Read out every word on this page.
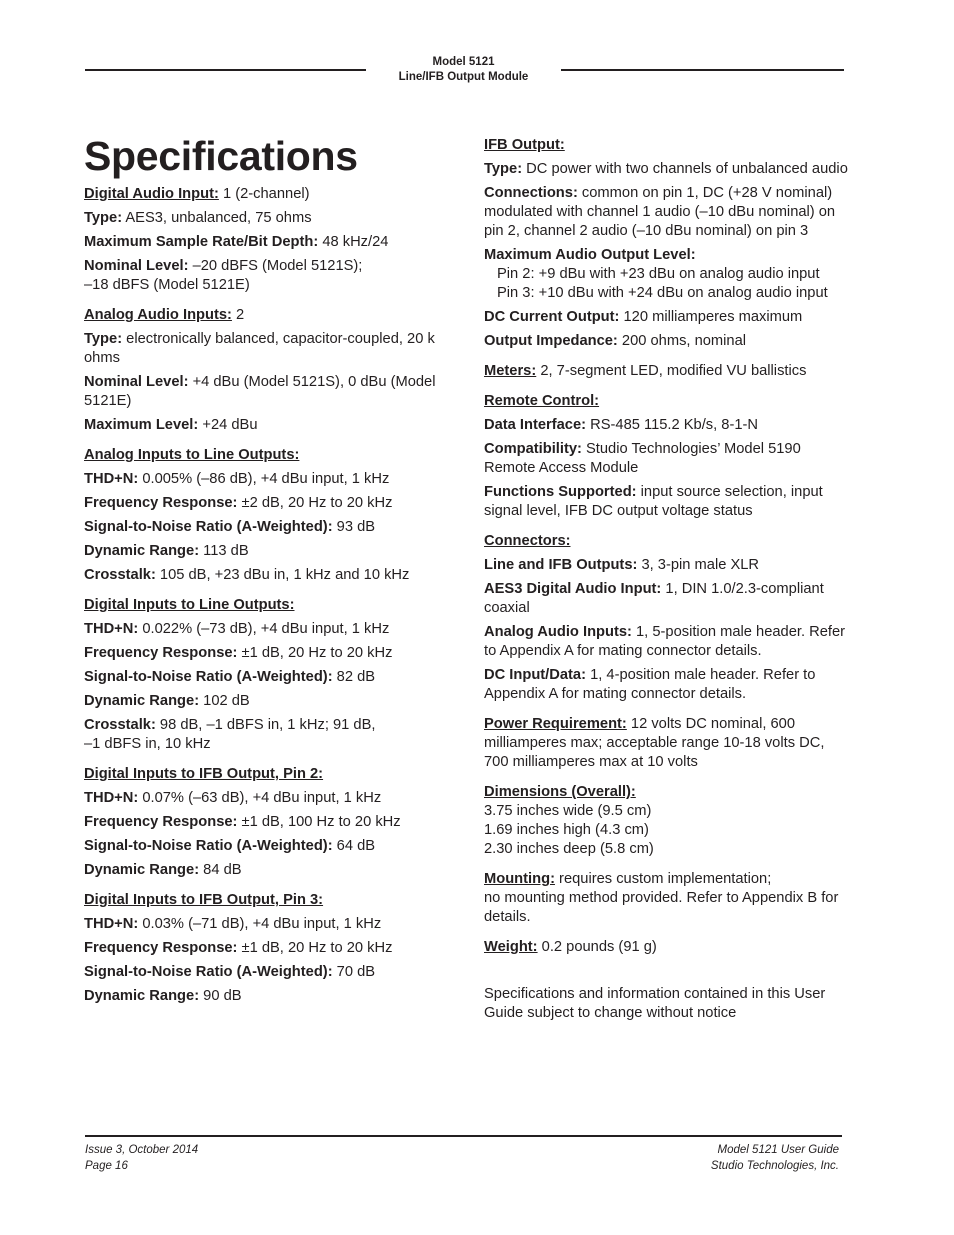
Model 5121
Line/IFB Output Module
Specifications

Digital Audio Input: 1 (2-channel)

Type: AES3, unbalanced, 75 ohms

Maximum Sample Rate/Bit Depth: 48 kHz/24

Nominal Level: –20 dBFS (Model 5121S);
–18 dBFS (Model 5121E)

Analog Audio Inputs: 2

Type: electronically balanced, capacitor-coupled, 20 k ohms

Nominal Level: +4 dBu (Model 5121S), 0 dBu (Model 5121E)

Maximum Level: +24 dBu

Analog Inputs to Line Outputs:

THD+N: 0.005% (–86 dB), +4 dBu input, 1 kHz

Frequency Response: ±2 dB, 20 Hz to 20 kHz

Signal-to-Noise Ratio (A-Weighted): 93 dB

Dynamic Range: 113 dB

Crosstalk: 105 dB, +23 dBu in, 1 kHz and 10 kHz

Digital Inputs to Line Outputs:

THD+N: 0.022% (–73 dB), +4 dBu input, 1 kHz

Frequency Response: ±1 dB, 20 Hz to 20 kHz

Signal-to-Noise Ratio (A-Weighted): 82 dB

Dynamic Range: 102 dB

Crosstalk: 98 dB, –1 dBFS in, 1 kHz; 91 dB,
–1 dBFS in, 10 kHz

Digital Inputs to IFB Output, Pin 2:

THD+N: 0.07% (–63 dB), +4 dBu input, 1 kHz

Frequency Response: ±1 dB, 100 Hz to 20 kHz

Signal-to-Noise Ratio (A-Weighted): 64 dB

Dynamic Range: 84 dB

Digital Inputs to IFB Output, Pin 3:

THD+N: 0.03% (–71 dB), +4 dBu input, 1 kHz

Frequency Response: ±1 dB, 20 Hz to 20 kHz

Signal-to-Noise Ratio (A-Weighted): 70 dB

Dynamic Range: 90 dB

IFB Output:

Type: DC power with two channels of unbalanced audio

Connections: common on pin 1, DC (+28 V nominal) modulated with channel 1 audio (–10 dBu nominal) on pin 2, channel 2 audio (–10 dBu nominal) on pin 3

Maximum Audio Output Level:
Pin 2: +9 dBu with +23 dBu on analog audio input
Pin 3: +10 dBu with +24 dBu on analog audio input

DC Current Output: 120 milliamperes maximum

Output Impedance: 200 ohms, nominal

Meters: 2, 7-segment LED, modified VU ballistics

Remote Control:

Data Interface: RS-485 115.2 Kb/s, 8-1-N

Compatibility: Studio Technologies’ Model 5190 Remote Access Module

Functions Supported: input source selection, input signal level, IFB DC output voltage status

Connectors:

Line and IFB Outputs: 3, 3-pin male XLR

AES3 Digital Audio Input: 1, DIN 1.0/2.3-compliant coaxial

Analog Audio Inputs: 1, 5-position male header. Refer to Appendix A for mating connector details.

DC Input/Data: 1, 4-position male header. Refer to Appendix A for mating connector details.

Power Requirement: 12 volts DC nominal, 600 milliamperes max; acceptable range 10-18 volts DC, 700 milliamperes max at 10 volts

Dimensions (Overall):
3.75 inches wide (9.5 cm)
1.69 inches high (4.3 cm)
2.30 inches deep (5.8 cm)

Mounting: requires custom implementation;
no mounting method provided. Refer to Appendix B for details.

Weight: 0.2 pounds (91 g)

Specifications and information contained in this User Guide subject to change without notice

Issue 3, October 2014
Page 16
Model 5121 User Guide
Studio Technologies, Inc.
